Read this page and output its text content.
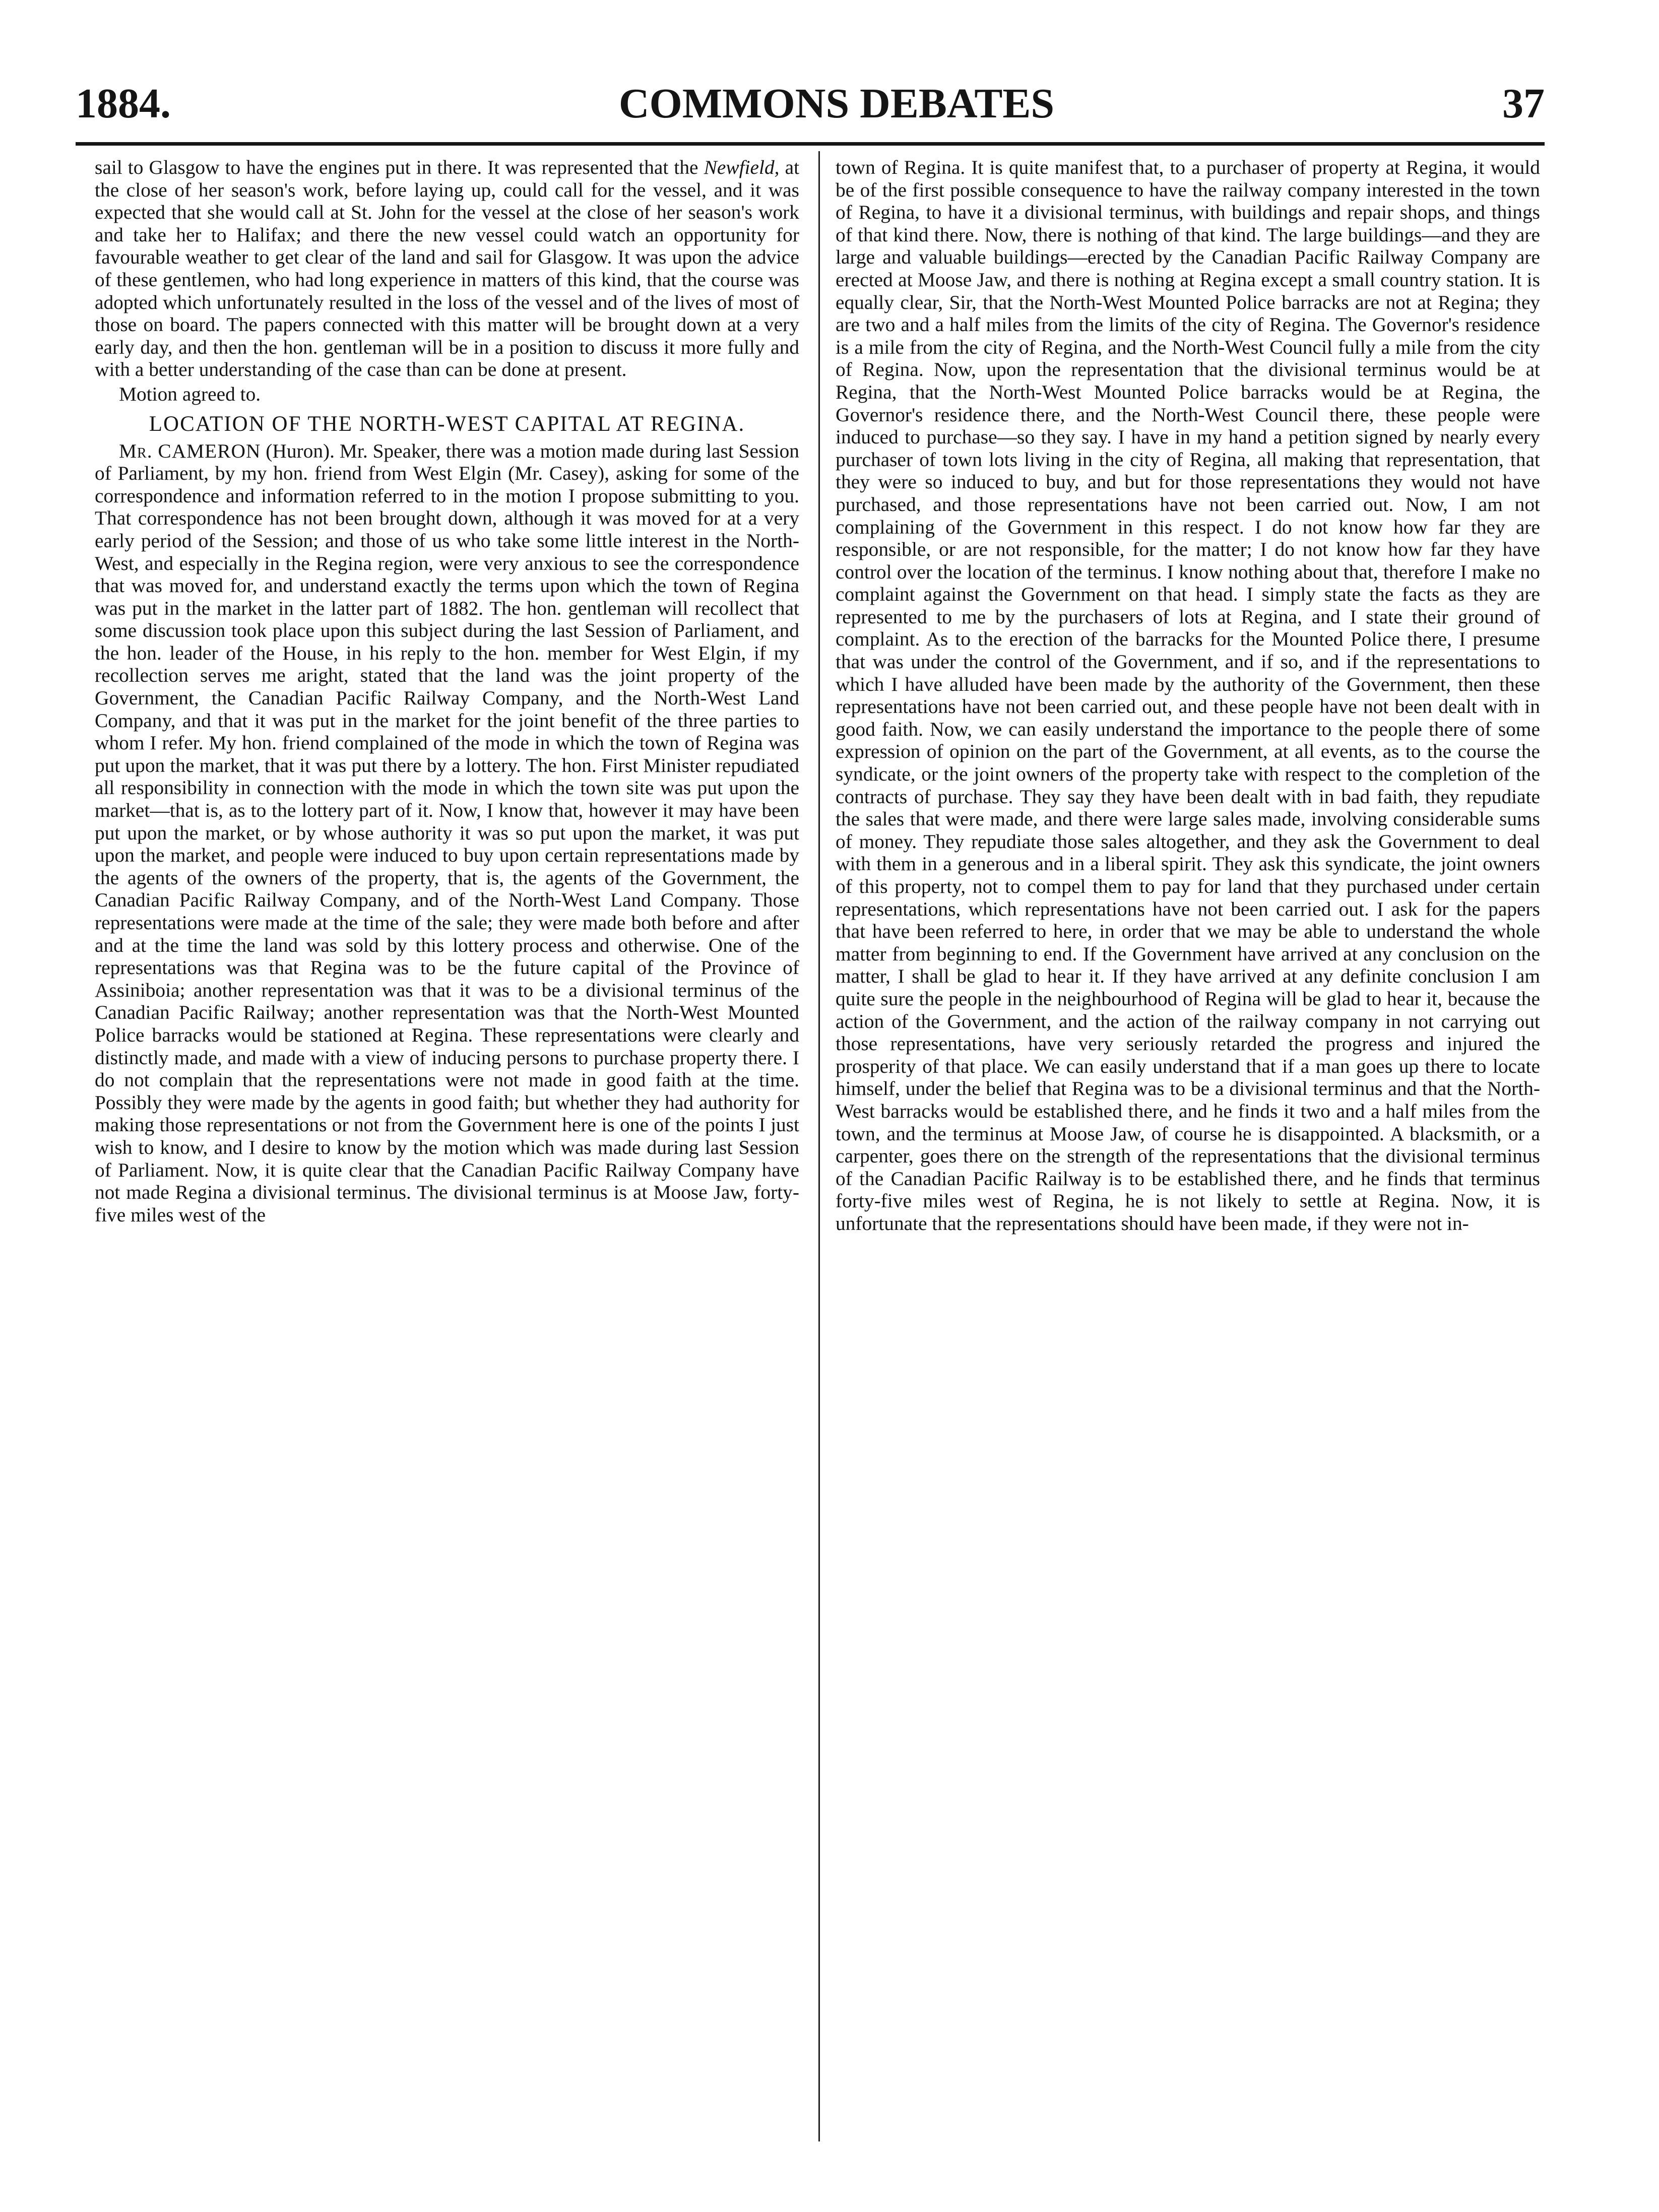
1884.	COMMONS DEBATES	37

sail to Glasgow to have the engines put in there. It was represented that the Newfield, at the close of her season's work, before laying up, could call for the vessel, and it was expected that she would call at St. John for the vessel at the close of her season's work and take her to Halifax; and there the new vessel could watch an opportunity for favourable weather to get clear of the land and sail for Glasgow. It was upon the advice of these gentlemen, who had long experience in matters of this kind, that the course was adopted which unfortunately resulted in the loss of the vessel and of the lives of most of those on board. The papers connected with this matter will be brought down at a very early day, and then the hon. gentleman will be in a position to discuss it more fully and with a better understanding of the case than can be done at present.

Motion agreed to.

LOCATION OF THE NORTH-WEST CAPITAL AT REGINA.

Mr. CAMERON (Huron). Mr. Speaker, there was a motion made during last Session of Parliament, by my hon. friend from West Elgin (Mr. Casey), asking for some of the correspondence and information referred to in the motion I propose submitting to you. That correspondence has not been brought down, although it was moved for at a very early period of the Session; and those of us who take some little interest in the North-West, and especially in the Regina region, were very anxious to see the correspondence that was moved for, and understand exactly the terms upon which the town of Regina was put in the market in the latter part of 1882. The hon. gentleman will recollect that some discussion took place upon this subject during the last Session of Parliament, and the hon. leader of the House, in his reply to the hon. member for West Elgin, if my recollection serves me aright, stated that the land was the joint property of the Government, the Canadian Pacific Railway Company, and the North-West Land Company, and that it was put in the market for the joint benefit of the three parties to whom I refer. My hon. friend complained of the mode in which the town of Regina was put upon the market, that it was put there by a lottery. The hon. First Minister repudiated all responsibility in connection with the mode in which the town site was put upon the market—that is, as to the lottery part of it. Now, I know that, however it may have been put upon the market, or by whose authority it was so put upon the market, it was put upon the market, and people were induced to buy upon certain representations made by the agents of the owners of the property, that is, the agents of the Government, the Canadian Pacific Railway Company, and of the North-West Land Company. Those representations were made at the time of the sale; they were made both before and after and at the time the land was sold by this lottery process and otherwise. One of the representations was that Regina was to be the future capital of the Province of Assiniboia; another representation was that it was to be a divisional terminus of the Canadian Pacific Railway; another representation was that the North-West Mounted Police barracks would be stationed at Regina. These representations were clearly and distinctly made, and made with a view of inducing persons to purchase property there. I do not complain that the representations were not made in good faith at the time. Possibly they were made by the agents in good faith; but whether they had authority for making those representations or not from the Government here is one of the points I just wish to know, and I desire to know by the motion which was made during last Session of Parliament. Now, it is quite clear that the Canadian Pacific Railway Company have not made Regina a divisional terminus. The divisional terminus is at Moose Jaw, forty-five miles west of the

town of Regina. It is quite manifest that, to a purchaser of property at Regina, it would be of the first possible consequence to have the railway company interested in the town of Regina, to have it a divisional terminus, with buildings and repair shops, and things of that kind there. Now, there is nothing of that kind. The large buildings—and they are large and valuable buildings—erected by the Canadian Pacific Railway Company are erected at Moose Jaw, and there is nothing at Regina except a small country station. It is equally clear, Sir, that the North-West Mounted Police barracks are not at Regina; they are two and a half miles from the limits of the city of Regina. The Governor's residence is a mile from the city of Regina, and the North-West Council fully a mile from the city of Regina. Now, upon the representation that the divisional terminus would be at Regina, that the North-West Mounted Police barracks would be at Regina, the Governor's residence there, and the North-West Council there, these people were induced to purchase—so they say. I have in my hand a petition signed by nearly every purchaser of town lots living in the city of Regina, all making that representation, that they were so induced to buy, and but for those representations they would not have purchased, and those representations have not been carried out. Now, I am not complaining of the Government in this respect. I do not know how far they are responsible, or are not responsible, for the matter; I do not know how far they have control over the location of the terminus. I know nothing about that, therefore I make no complaint against the Government on that head. I simply state the facts as they are represented to me by the purchasers of lots at Regina, and I state their ground of complaint. As to the erection of the barracks for the Mounted Police there, I presume that was under the control of the Government, and if so, and if the representations to which I have alluded have been made by the authority of the Government, then these representations have not been carried out, and these people have not been dealt with in good faith. Now, we can easily understand the importance to the people there of some expression of opinion on the part of the Government, at all events, as to the course the syndicate, or the joint owners of the property take with respect to the completion of the contracts of purchase. They say they have been dealt with in bad faith, they repudiate the sales that were made, and there were large sales made, involving considerable sums of money. They repudiate those sales altogether, and they ask the Government to deal with them in a generous and in a liberal spirit. They ask this syndicate, the joint owners of this property, not to compel them to pay for land that they purchased under certain representations, which representations have not been carried out. I ask for the papers that have been referred to here, in order that we may be able to understand the whole matter from beginning to end. If the Government have arrived at any conclusion on the matter, I shall be glad to hear it. If they have arrived at any definite conclusion I am quite sure the people in the neighbourhood of Regina will be glad to hear it, because the action of the Government, and the action of the railway company in not carrying out those representations, have very seriously retarded the progress and injured the prosperity of that place. We can easily understand that if a man goes up there to locate himself, under the belief that Regina was to be a divisional terminus and that the North-West barracks would be established there, and he finds it two and a half miles from the town, and the terminus at Moose Jaw, of course he is disappointed. A blacksmith, or a carpenter, goes there on the strength of the representations that the divisional terminus of the Canadian Pacific Railway is to be established there, and he finds that terminus forty-five miles west of Regina, he is not likely to settle at Regina. Now, it is unfortunate that the representations should have been made, if they were not in-
